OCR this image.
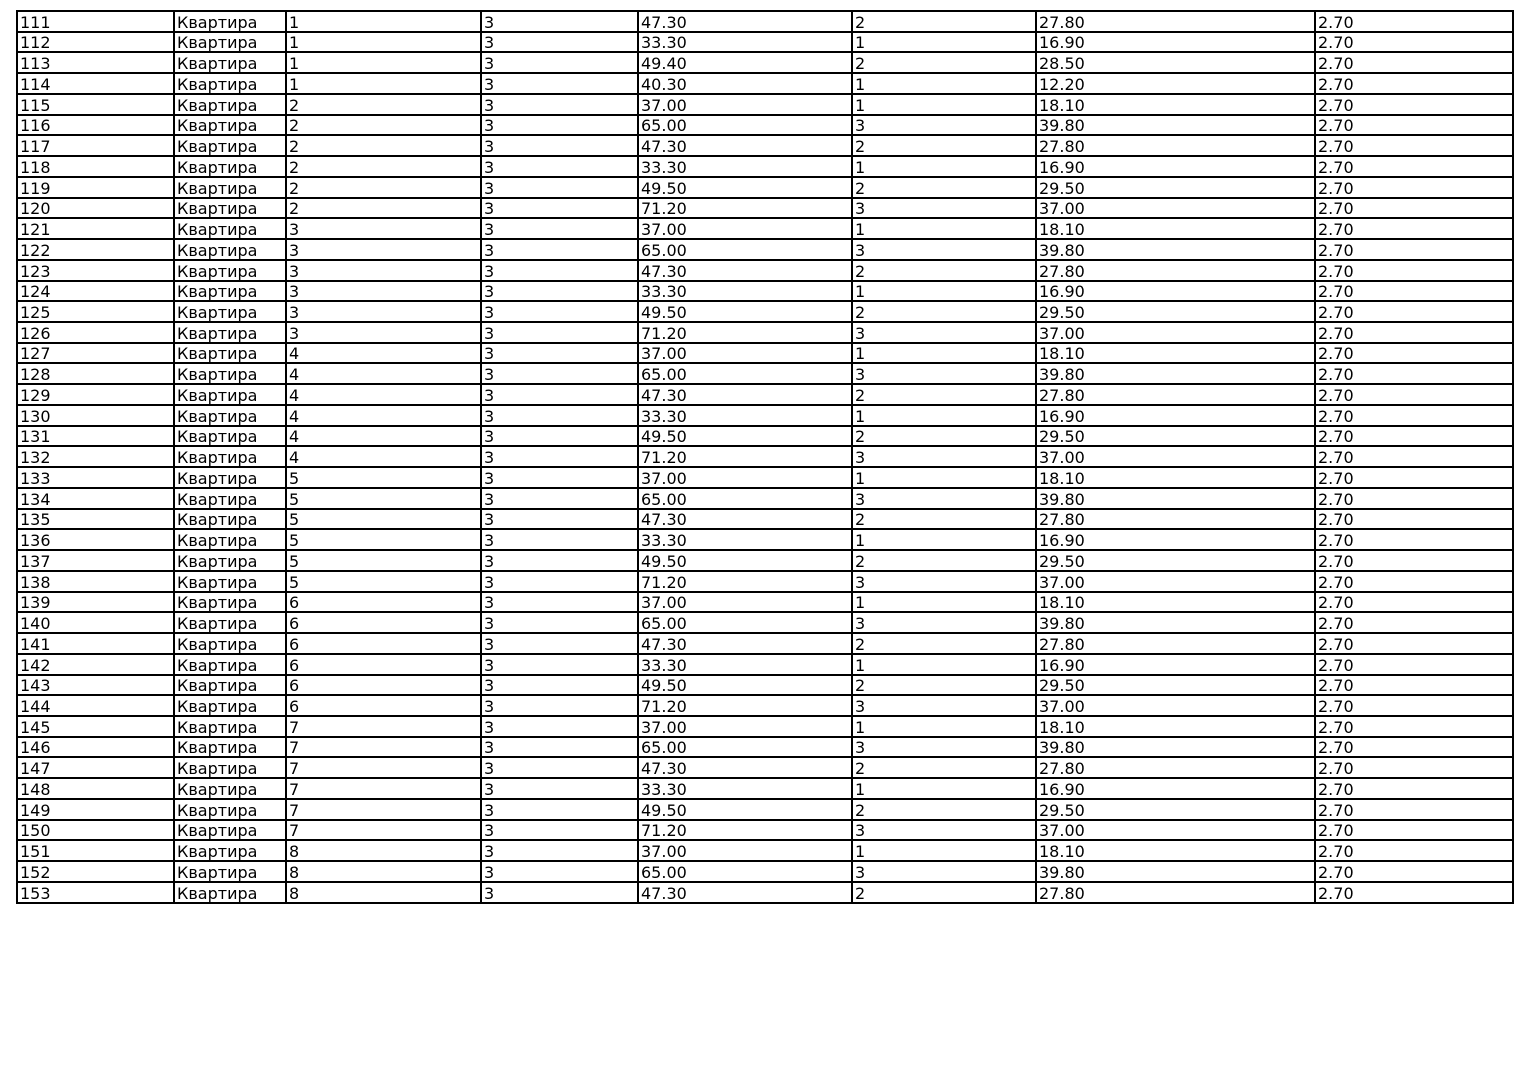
111	Квартира	1	3	47.30	2	27.80	2.70
112	Квартира	1	3	33.30	1	16.90	2.70
113	Квартира	1	3	49.40	2	28.50	2.70
114	Квартира	1	3	40.30	1	12.20	2.70
115	Квартира	2	3	37.00	1	18.10	2.70
116	Квартира	2	3	65.00	3	39.80	2.70
117	Квартира	2	3	47.30	2	27.80	2.70
118	Квартира	2	3	33.30	1	16.90	2.70
119	Квартира	2	3	49.50	2	29.50	2.70
120	Квартира	2	3	71.20	3	37.00	2.70
121	Квартира	3	3	37.00	1	18.10	2.70
122	Квартира	3	3	65.00	3	39.80	2.70
123	Квартира	3	3	47.30	2	27.80	2.70
124	Квартира	3	3	33.30	1	16.90	2.70
125	Квартира	3	3	49.50	2	29.50	2.70
126	Квартира	3	3	71.20	3	37.00	2.70
127	Квартира	4	3	37.00	1	18.10	2.70
128	Квартира	4	3	65.00	3	39.80	2.70
129	Квартира	4	3	47.30	2	27.80	2.70
130	Квартира	4	3	33.30	1	16.90	2.70
131	Квартира	4	3	49.50	2	29.50	2.70
132	Квартира	4	3	71.20	3	37.00	2.70
133	Квартира	5	3	37.00	1	18.10	2.70
134	Квартира	5	3	65.00	3	39.80	2.70
135	Квартира	5	3	47.30	2	27.80	2.70
136	Квартира	5	3	33.30	1	16.90	2.70
137	Квартира	5	3	49.50	2	29.50	2.70
138	Квартира	5	3	71.20	3	37.00	2.70
139	Квартира	6	3	37.00	1	18.10	2.70
140	Квартира	6	3	65.00	3	39.80	2.70
141	Квартира	6	3	47.30	2	27.80	2.70
142	Квартира	6	3	33.30	1	16.90	2.70
143	Квартира	6	3	49.50	2	29.50	2.70
144	Квартира	6	3	71.20	3	37.00	2.70
145	Квартира	7	3	37.00	1	18.10	2.70
146	Квартира	7	3	65.00	3	39.80	2.70
147	Квартира	7	3	47.30	2	27.80	2.70
148	Квартира	7	3	33.30	1	16.90	2.70
149	Квартира	7	3	49.50	2	29.50	2.70
150	Квартира	7	3	71.20	3	37.00	2.70
151	Квартира	8	3	37.00	1	18.10	2.70
152	Квартира	8	3	65.00	3	39.80	2.70
153	Квартира	8	3	47.30	2	27.80	2.70
